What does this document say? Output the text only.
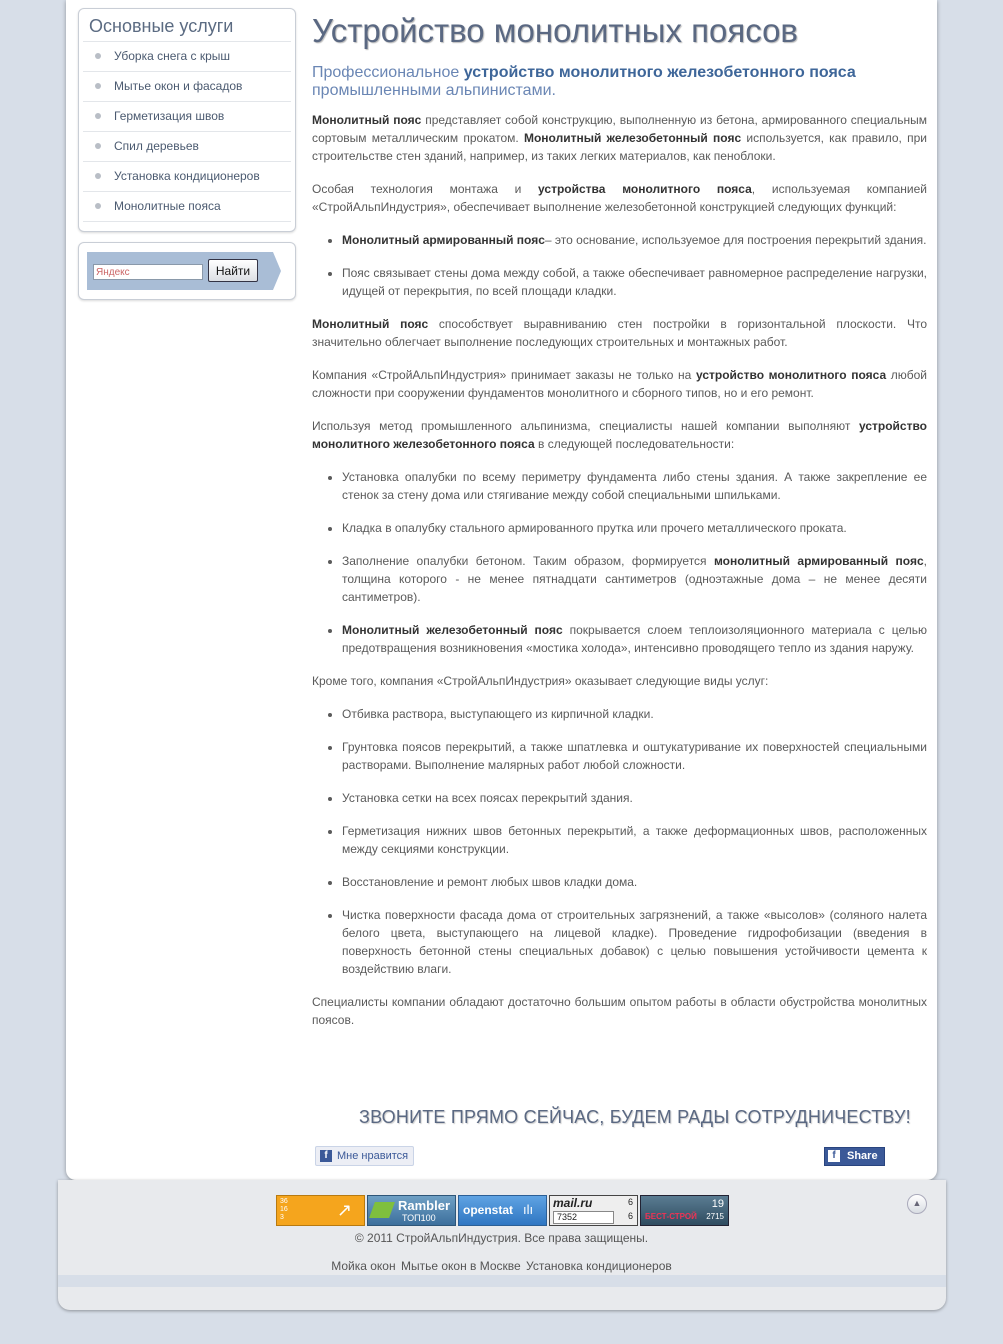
Основные услуги
Уборка снега с крыш
Мытье окон и фасадов
Герметизация швов
Спил деревьев
Установка кондиционеров
Монолитные пояса
Яндекс
Найти
Устройство монолитных поясов
Профессиональное устройство монолитного железобетонного пояса промышленными альпинистами.

Монолитный пояс представляет собой конструкцию, выполненную из бетона, армированного специальным сортовым металлическим прокатом. Монолитный железобетонный пояс используется, как правило, при строительстве стен зданий, например, из таких легких материалов, как пеноблоки.

Особая технология монтажа и устройства монолитного пояса, используемая компанией «СтройАльпИндустрия», обеспечивает выполнение железобетонной конструкцией следующих функций:

• Монолитный армированный пояс– это основание, используемое для построения перекрытий здания.
• Пояс связывает стены дома между собой, а также обеспечивает равномерное распределение нагрузки, идущей от перекрытия, по всей площади кладки.

Монолитный пояс способствует выравниванию стен постройки в горизонтальной плоскости. Что значительно облегчает выполнение последующих строительных и монтажных работ.

Компания «СтройАльпИндустрия» принимает заказы не только на устройство монолитного пояса любой сложности при сооружении фундаментов монолитного и сборного типов, но и его ремонт.

Используя метод промышленного альпинизма, специалисты нашей компании выполняют устройство монолитного железобетонного пояса в следующей последовательности:

• Установка опалубки по всему периметру фундамента либо стены здания. А также закрепление ее стенок за стену дома или стягивание между собой специальными шпильками.
• Кладка в опалубку стального армированного прутка или прочего металлического проката.
• Заполнение опалубки бетоном. Таким образом, формируется монолитный армированный пояс, толщина которого - не менее пятнадцати сантиметров (одноэтажные дома – не менее десяти сантиметров).
• Монолитный железобетонный пояс покрывается слоем теплоизоляционного материала с целью предотвращения возникновения «мостика холода», интенсивно проводящего тепло из здания наружу.

Кроме того, компания «СтройАльпИндустрия» оказывает следующие виды услуг:

• Отбивка раствора, выступающего из кирпичной кладки.
• Грунтовка поясов перекрытий, а также шпатлевка и оштукатуривание их поверхностей специальными растворами. Выполнение малярных работ любой сложности.
• Установка сетки на всех поясах перекрытий здания.
• Герметизация нижних швов бетонных перекрытий, а также деформационных швов, расположенных между секциями конструкции.
• Восстановление и ремонт любых швов кладки дома.
• Чистка поверхности фасада дома от строительных загрязнений, а также «высолов» (соляного налета белого цвета, выступающего на лицевой кладке). Проведение гидрофобизации (введения в поверхность бетонной стены специальных добавок) с целью повышения устойчивости цемента к воздействию влаги.

Специалисты компании обладают достаточно большим опытом работы в области обустройства монолитных поясов.

ЗВОНИТЕ ПРЯМО СЕЙЧАС, БУДЕМ РАДЫ СОТРУДНИЧЕСТВУ!
f Мне нравится	f	Share
36
16
3	↗	Rambler
ТОП100
openstat ılı mail.ru
7352
6
6 БЕСТ-СТРОЙ
19
2715
▲
© 2011 СтройАльпИндустрия. Все права защищены.
Мойка окон Мытье окон в Москве Установка кондиционеров
